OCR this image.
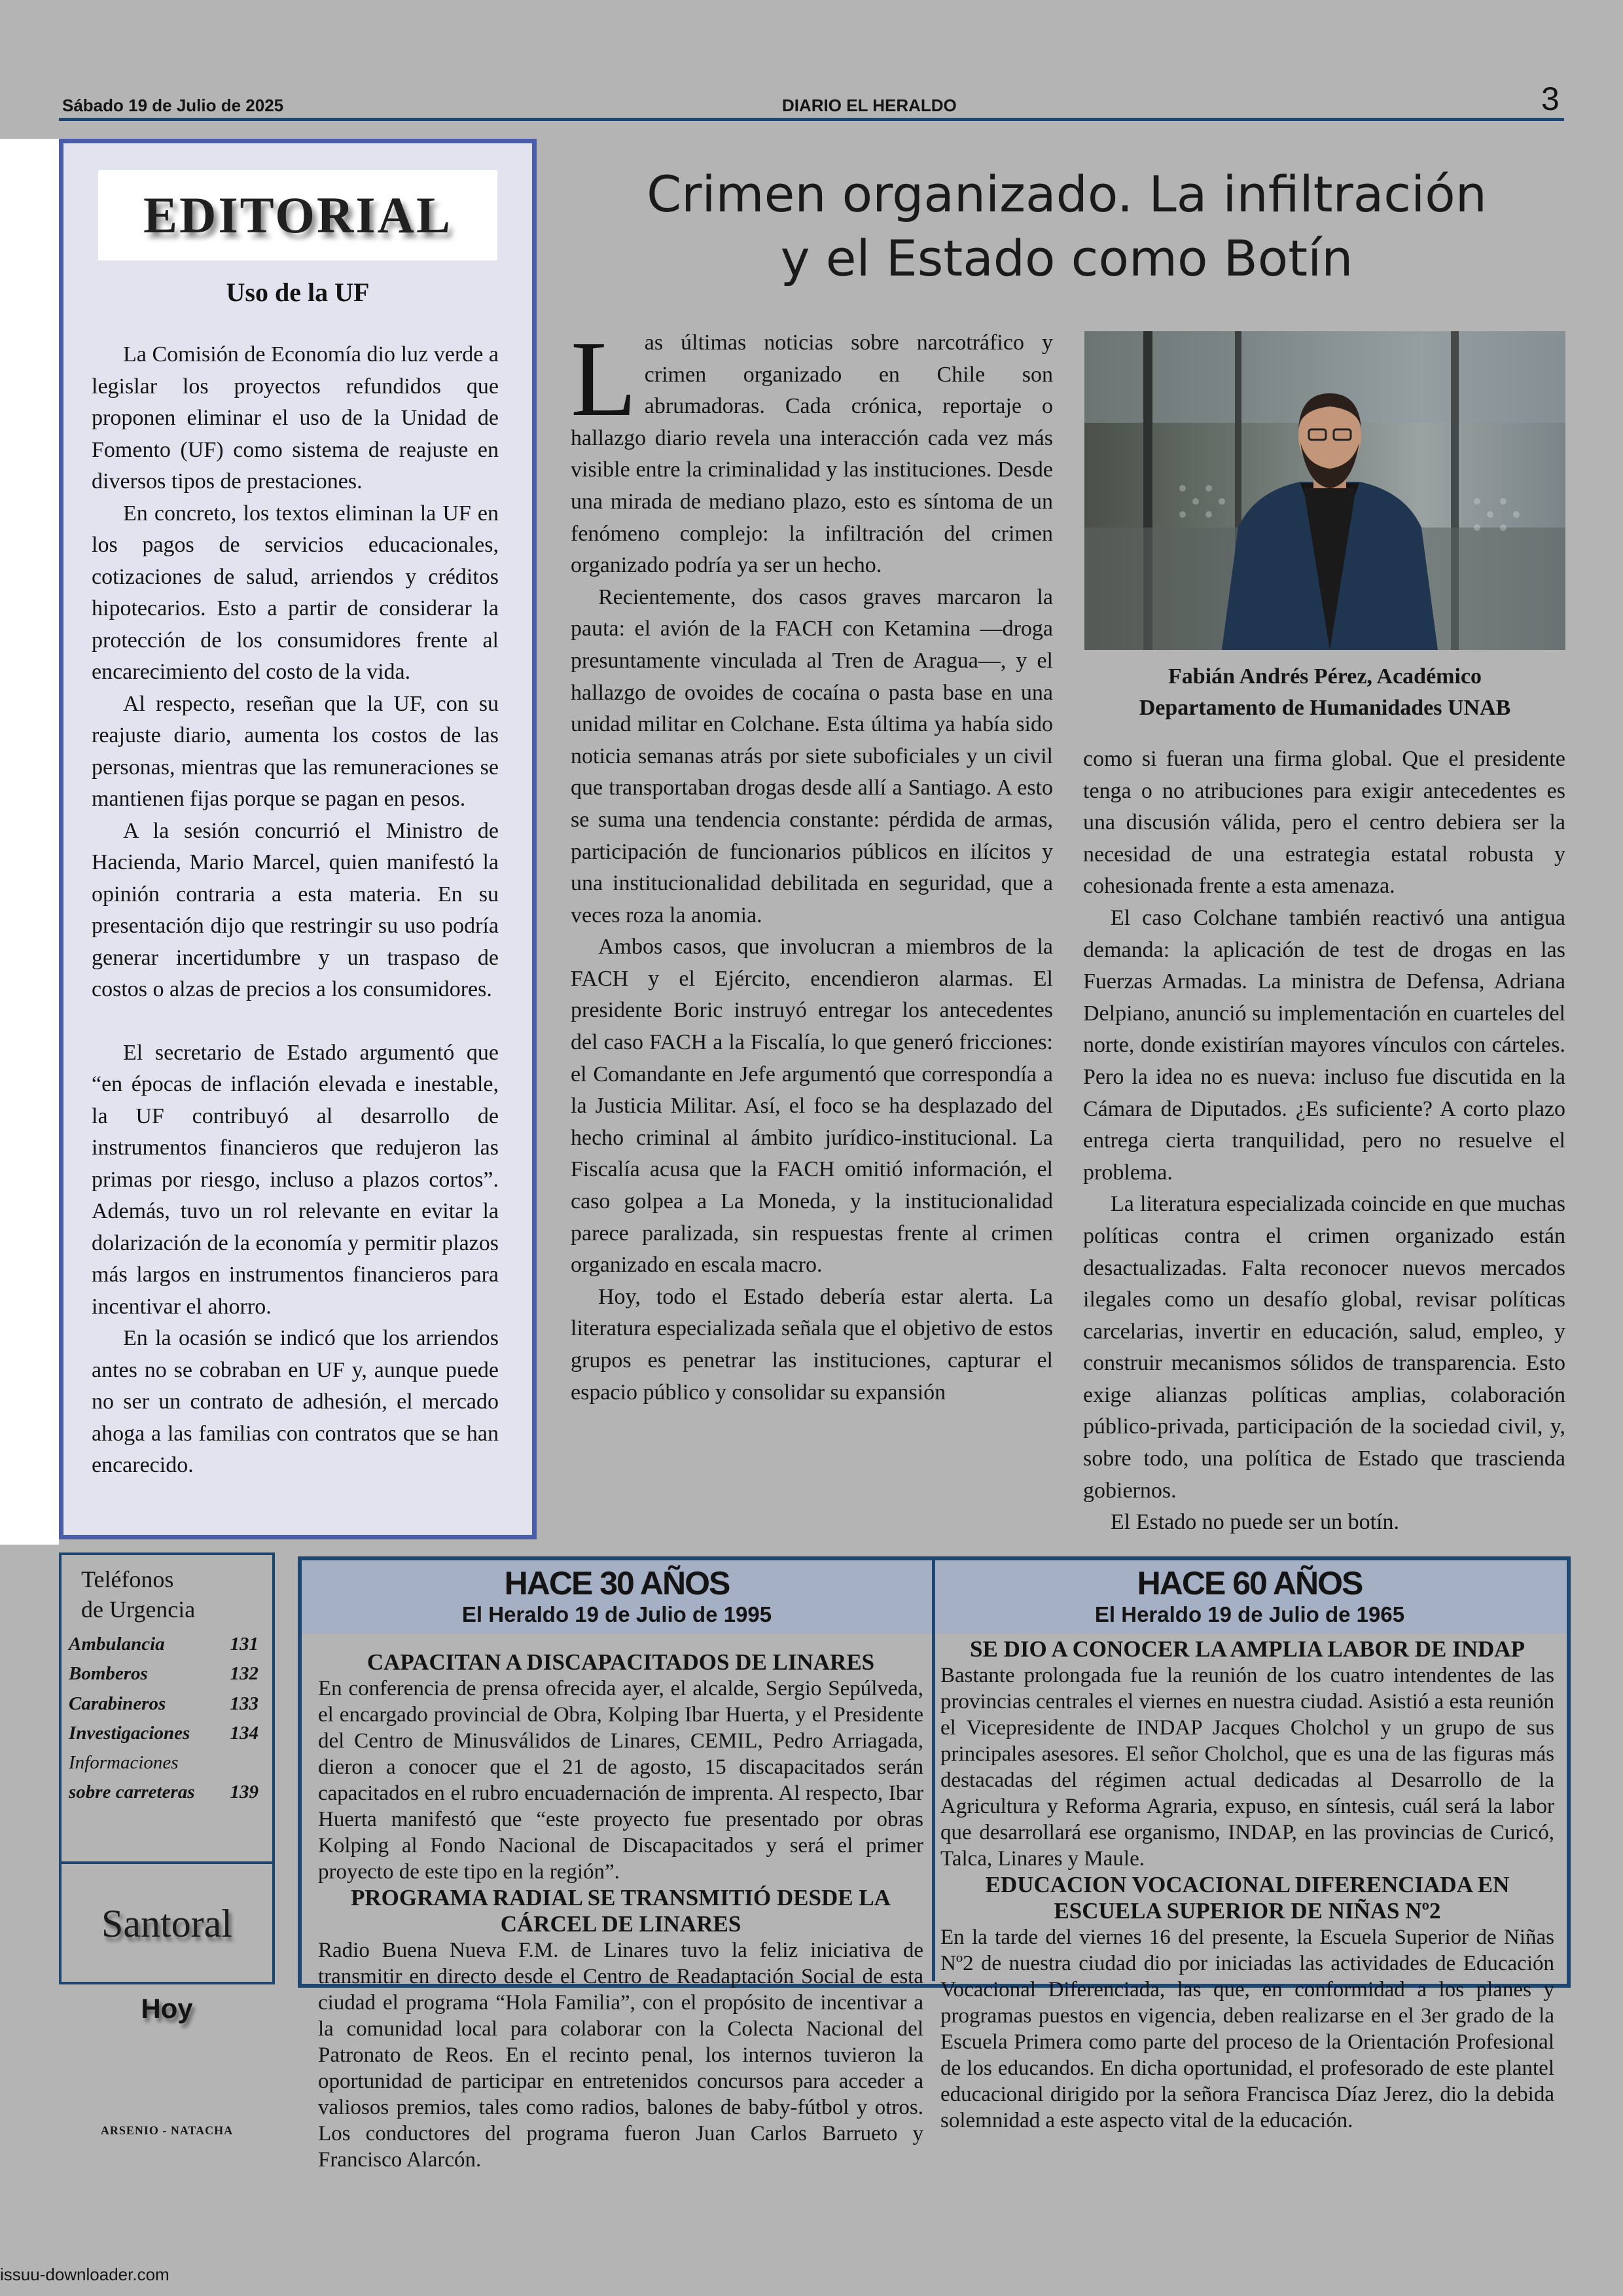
Sábado 19 de Julio de 2025	DIARIO EL HERALDO	3
EDITORIAL
Uso de la UF

La Comisión de Economía dio luz verde a legislar los proyectos refundidos que proponen eliminar el uso de la Unidad de Fomento (UF) como sistema de reajuste en diversos tipos de prestaciones.

En concreto, los textos eliminan la UF en los pagos de servicios educacionales, cotizaciones de salud, arriendos y créditos hipotecarios. Esto a partir de considerar la protección de los consumidores frente al encarecimiento del costo de la vida.

Al respecto, reseñan que la UF, con su reajuste diario, aumenta los costos de las personas, mientras que las remuneraciones se mantienen fijas porque se pagan en pesos.

A la sesión concurrió el Ministro de Hacienda, Mario Marcel, quien manifestó la opinión contraria a esta materia. En su presentación dijo que restringir su uso podría generar incertidumbre y un traspaso de costos o alzas de precios a los consumidores.

El secretario de Estado argumentó que “en épocas de inflación elevada e inestable, la UF contribuyó al desarrollo de instrumentos financieros que redujeron las primas por riesgo, incluso a plazos cortos”. Además, tuvo un rol relevante en evitar la dolarización de la economía y permitir plazos más largos en instrumentos financieros para incentivar el ahorro.

En la ocasión se indicó que los arriendos antes no se cobraban en UF y, aunque puede no ser un contrato de adhesión, el mercado ahoga a las familias con contratos que se han encarecido.

Crimen organizado. La infiltración
y el Estado como Botín
L as últimas noticias sobre narcotráfico y crimen organizado en Chile son abrumadoras. Cada crónica, reportaje o hallazgo diario revela una interacción cada vez más visible entre la criminalidad y las instituciones. Desde una mirada de mediano plazo, esto es síntoma de un fenómeno complejo: la infiltración del crimen organizado podría ya ser un hecho.

Recientemente, dos casos graves marcaron la pauta: el avión de la FACH con Ketamina —droga presuntamente vinculada al Tren de Aragua—, y el hallazgo de ovoides de cocaína o pasta base en una unidad militar en Colchane. Esta última ya había sido noticia semanas atrás por siete suboficiales y un civil que transportaban drogas desde allí a Santiago. A esto se suma una tendencia constante: pérdida de armas, participación de funcionarios públicos en ilícitos y una institucionalidad debilitada en seguridad, que a veces roza la anomia.

Ambos casos, que involucran a miembros de la FACH y el Ejército, encendieron alarmas. El presidente Boric instruyó entregar los antecedentes del caso FACH a la Fiscalía, lo que generó fricciones: el Comandante en Jefe argumentó que correspondía a la Justicia Militar. Así, el foco se ha desplazado del hecho criminal al ámbito jurídico-institucional. La Fiscalía acusa que la FACH omitió información, el caso golpea a La Moneda, y la institucionalidad parece paralizada, sin respuestas frente al crimen organizado en escala macro.

Hoy, todo el Estado debería estar alerta. La literatura especializada señala que el objetivo de estos grupos es penetrar las instituciones, capturar el espacio público y consolidar su expansión

Fabián Andrés Pérez, Académico
Departamento de Humanidades UNAB

como si fueran una firma global. Que el presidente tenga o no atribuciones para exigir antecedentes es una discusión válida, pero el centro debiera ser la necesidad de una estrategia estatal robusta y cohesionada frente a esta amenaza.

El caso Colchane también reactivó una antigua demanda: la aplicación de test de drogas en las Fuerzas Armadas. La ministra de Defensa, Adriana Delpiano, anunció su implementación en cuarteles del norte, donde existirían mayores vínculos con cárteles. Pero la idea no es nueva: incluso fue discutida en la Cámara de Diputados. ¿Es suficiente? A corto plazo entrega cierta tranquilidad, pero no resuelve el problema.

La literatura especializada coincide en que muchas políticas contra el crimen organizado están desactualizadas. Falta reconocer nuevos mercados ilegales como un desafío global, revisar políticas carcelarias, invertir en educación, salud, empleo, y construir mecanismos sólidos de transparencia. Esto exige alianzas políticas amplias, colaboración público-privada, participación de la sociedad civil, y, sobre todo, una política de Estado que trascienda gobiernos.

El Estado no puede ser un botín.

Teléfonos
de Urgencia
Ambulancia	131
Bomberos	132
Carabineros	133
Investigaciones 134
Informaciones
sobre carreteras 139
Santoral
Hoy
ARSENIO - NATACHA
HACE 30 AÑOS
El Heraldo 19 de Julio de 1995
HACE 60 AÑOS
El Heraldo 19 de Julio de 1965
CAPACITAN A DISCAPACITADOS DE LINARES

En conferencia de prensa ofrecida ayer, el alcalde, Sergio Sepúlveda, el encargado provincial de Obra, Kolping Ibar Huerta, y el Presidente del Centro de Minusválidos de Linares, CEMIL, Pedro Arriagada, dieron a conocer que el 21 de agosto, 15 discapacitados serán capacitados en el rubro encuadernación de imprenta. Al respecto, Ibar Huerta manifestó que “este proyecto fue presentado por obras Kolping al Fondo Nacional de Discapacitados y será el primer proyecto de este tipo en la región”.

PROGRAMA RADIAL SE TRANSMITIÓ DESDE LA CÁRCEL DE LINARES

Radio Buena Nueva F.M. de Linares tuvo la feliz iniciativa de transmitir en directo desde el Centro de Readaptación Social de esta ciudad el programa “Hola Familia”, con el propósito de incentivar a la comunidad local para colaborar con la Colecta Nacional del Patronato de Reos. En el recinto penal, los internos tuvieron la oportunidad de participar en entretenidos concursos para acceder a valiosos premios, tales como radios, balones de baby-fútbol y otros. Los conductores del programa fueron Juan Carlos Barrueto y Francisco Alarcón.

SE DIO A CONOCER LA AMPLIA LABOR DE INDAP

Bastante prolongada fue la reunión de los cuatro intendentes de las provincias centrales el viernes en nuestra ciudad. Asistió a esta reunión el Vicepresidente de INDAP Jacques Cholchol y un grupo de sus principales asesores. El señor Cholchol, que es una de las figuras más destacadas del régimen actual dedicadas al Desarrollo de la Agricultura y Reforma Agraria, expuso, en síntesis, cuál será la labor que desarrollará ese organismo, INDAP, en las provincias de Curicó, Talca, Linares y Maule.

EDUCACION VOCACIONAL DIFERENCIADA EN ESCUELA SUPERIOR DE NIÑAS Nº2

En la tarde del viernes 16 del presente, la Escuela Superior de Niñas Nº2 de nuestra ciudad dio por iniciadas las actividades de Educación Vocacional Diferenciada, las que, en conformidad a los planes y programas puestos en vigencia, deben realizarse en el 3er grado de la Escuela Primera como parte del proceso de la Orientación Profesional de los educandos. En dicha oportunidad, el profesorado de este plantel educacional dirigido por la señora Francisca Díaz Jerez, dio la debida solemnidad a este aspecto vital de la educación.

issuu-downloader.com
